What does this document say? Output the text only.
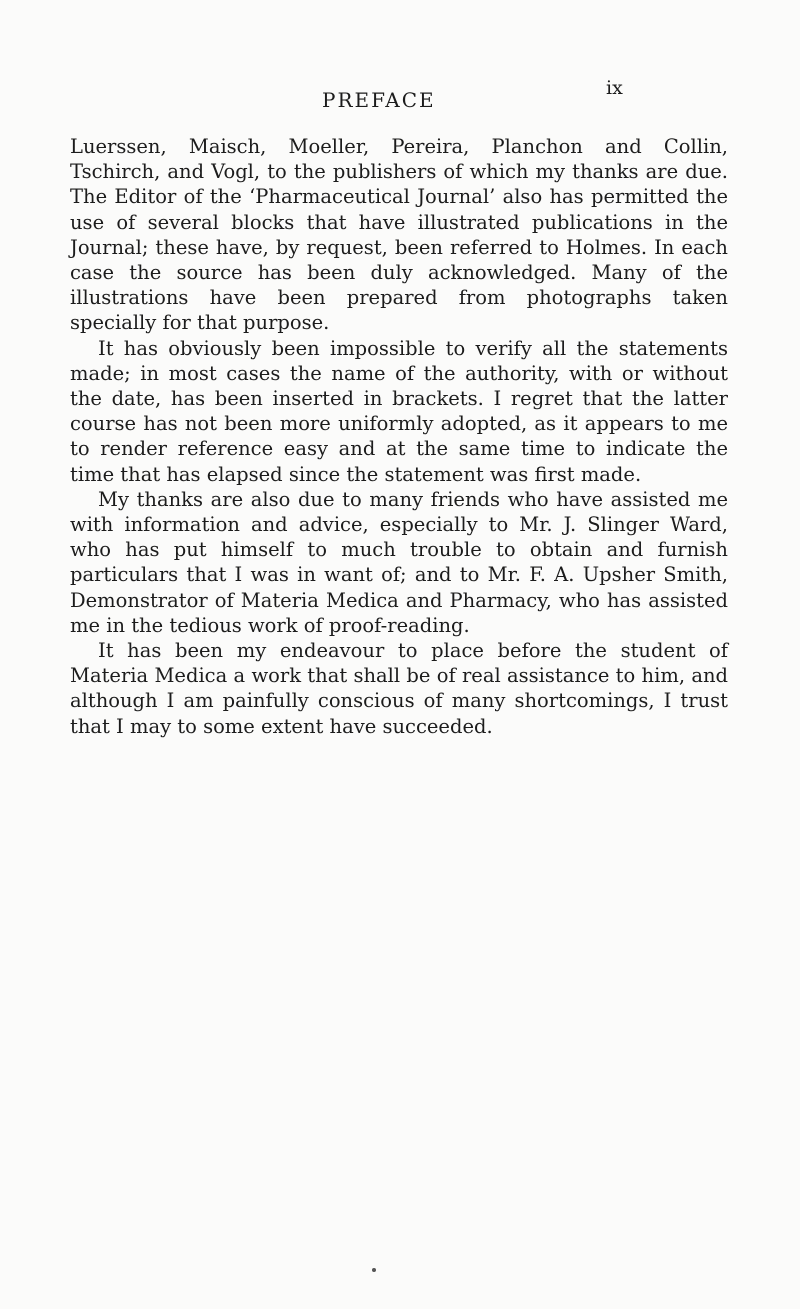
PREFACE	ix

Luerssen, Maisch, Moeller, Pereira, Planchon and Collin, Tschirch, and Vogl, to the publishers of which my thanks are due. The Editor of the ‘Pharmaceutical Journal’ also has permitted the use of several blocks that have illustrated publications in the Journal; these have, by request, been referred to Holmes. In each case the source has been duly acknowledged. Many of the illustrations have been prepared from photographs taken specially for that purpose.

It has obviously been impossible to verify all the statements made; in most cases the name of the authority, with or without the date, has been inserted in brackets. I regret that the latter course has not been more uniformly adopted, as it appears to me to render reference easy and at the same time to indicate the time that has elapsed since the statement was first made.

My thanks are also due to many friends who have assisted me with information and advice, especially to Mr. J. Slinger Ward, who has put himself to much trouble to obtain and furnish particulars that I was in want of; and to Mr. F. A. Upsher Smith, Demonstrator of Materia Medica and Pharmacy, who has assisted me in the tedious work of proof-reading.

It has been my endeavour to place before the student of Materia Medica a work that shall be of real assistance to him, and although I am painfully conscious of many shortcomings, I trust that I may to some extent have succeeded.
